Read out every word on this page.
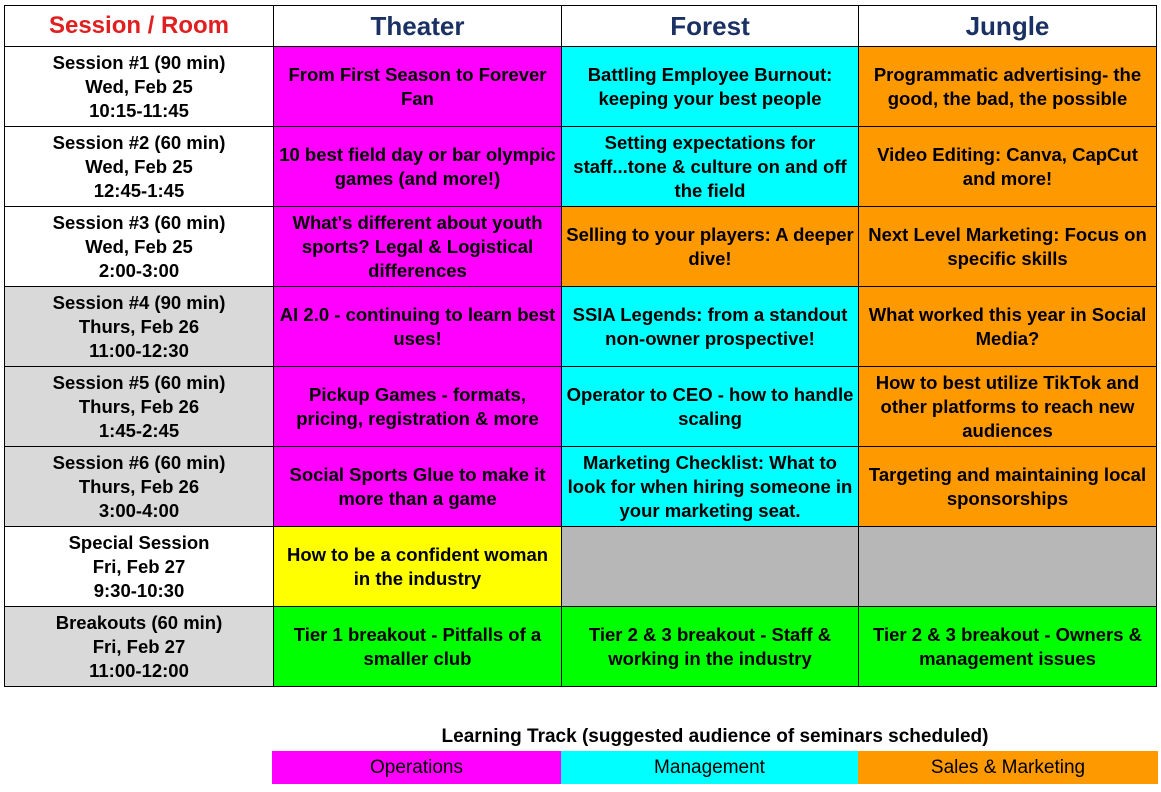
Session / Room	Theater	Forest	Jungle

Session #1 (90 min)
Wed, Feb 25
10:15-11:45	From First Season to Forever Fan	Battling Employee Burnout: keeping your best people	Programmatic advertising- the good, the bad, the possible

Session #2 (60 min)
Wed, Feb 25
12:45-1:45	10 best field day or bar olympic games (and more!)	Setting expectations for staff...tone & culture on and off the field	Video Editing: Canva, CapCut and more!

Session #3 (60 min)
Wed, Feb 25
2:00-3:00	What's different about youth sports? Legal & Logistical differences	Selling to your players: A deeper dive!	Next Level Marketing: Focus on specific skills

Session #4 (90 min)
Thurs, Feb 26
11:00-12:30	AI 2.0 - continuing to learn best uses!	SSIA Legends: from a standout non-owner prospective!	What worked this year in Social Media?

Session #5 (60 min)
Thurs, Feb 26
1:45-2:45	Pickup Games - formats, pricing, registration & more	Operator to CEO - how to handle scaling	How to best utilize TikTok and other platforms to reach new audiences

Session #6 (60 min)
Thurs, Feb 26
3:00-4:00	Social Sports Glue to make it more than a game	Marketing Checklist: What to look for when hiring someone in your marketing seat.	Targeting and maintaining local sponsorships

Special Session
Fri, Feb 27
9:30-10:30	How to be a confident woman in the industry		

Breakouts (60 min)
Fri, Feb 27
11:00-12:00	Tier 1 breakout - Pitfalls of a smaller club	Tier 2 & 3 breakout - Staff & working in the industry	Tier 2 & 3 breakout - Owners & management issues
Learning Track (suggested audience of seminars scheduled)
Operations	Management	Sales & Marketing
